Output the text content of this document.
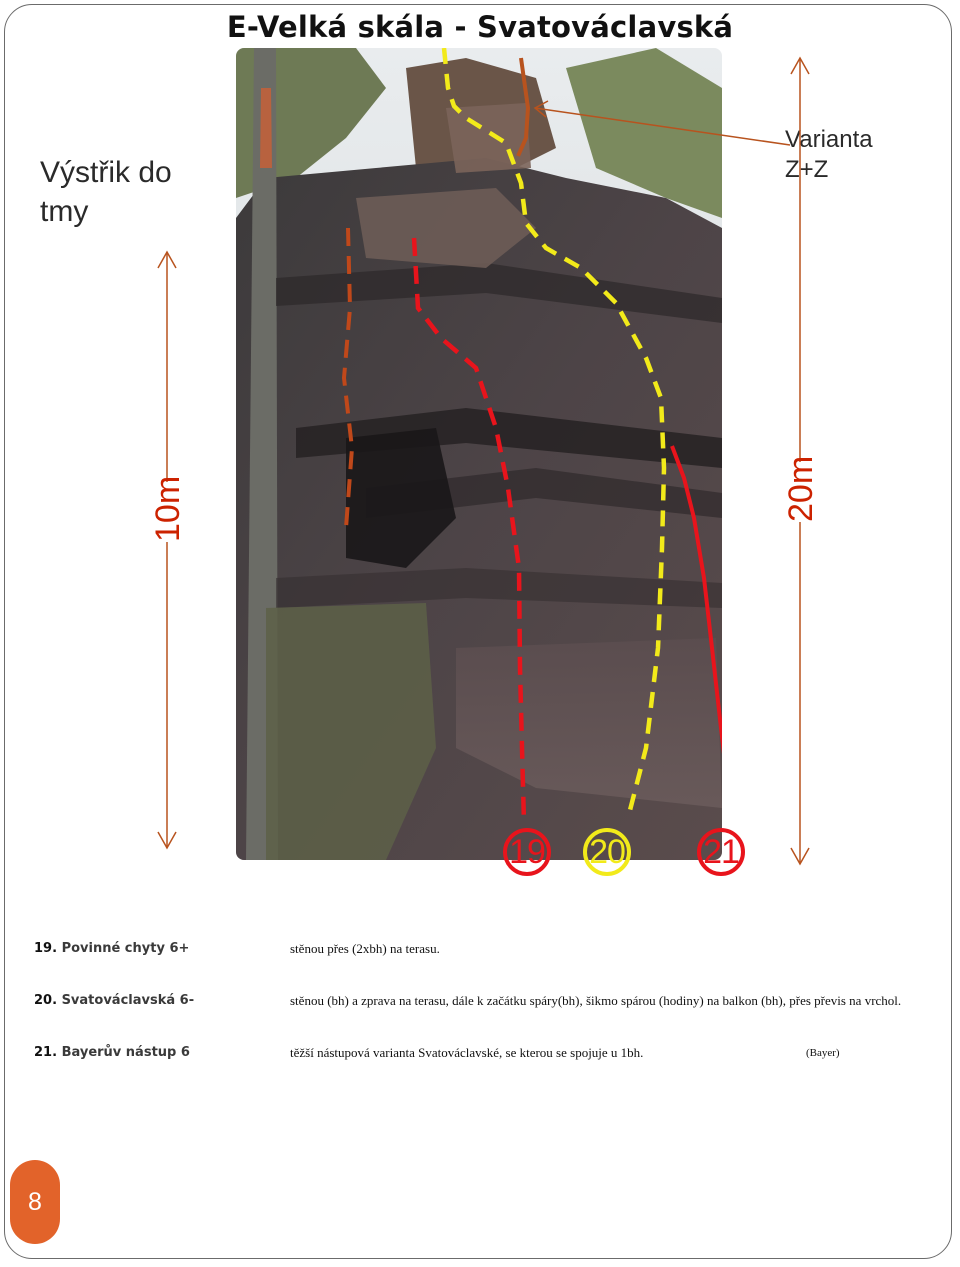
E-Velká skála - Svatováclavská
Výstřik do tmy
Varianta Z+Z
10m	20m
19 20 21
19. Povinné chyty 6+	stěnou přes (2xbh) na terasu.
20. Svatováclavská 6-	stěnou (bh) a zprava na terasu, dále k začátku spáry(bh), šikmo spárou (hodiny) na balkon (bh), přes převis na vrchol.
21. Bayerův nástup 6	těžší nástupová varianta Svatováclavské, se kterou se spojuje u 1bh.	(Bayer)
8
